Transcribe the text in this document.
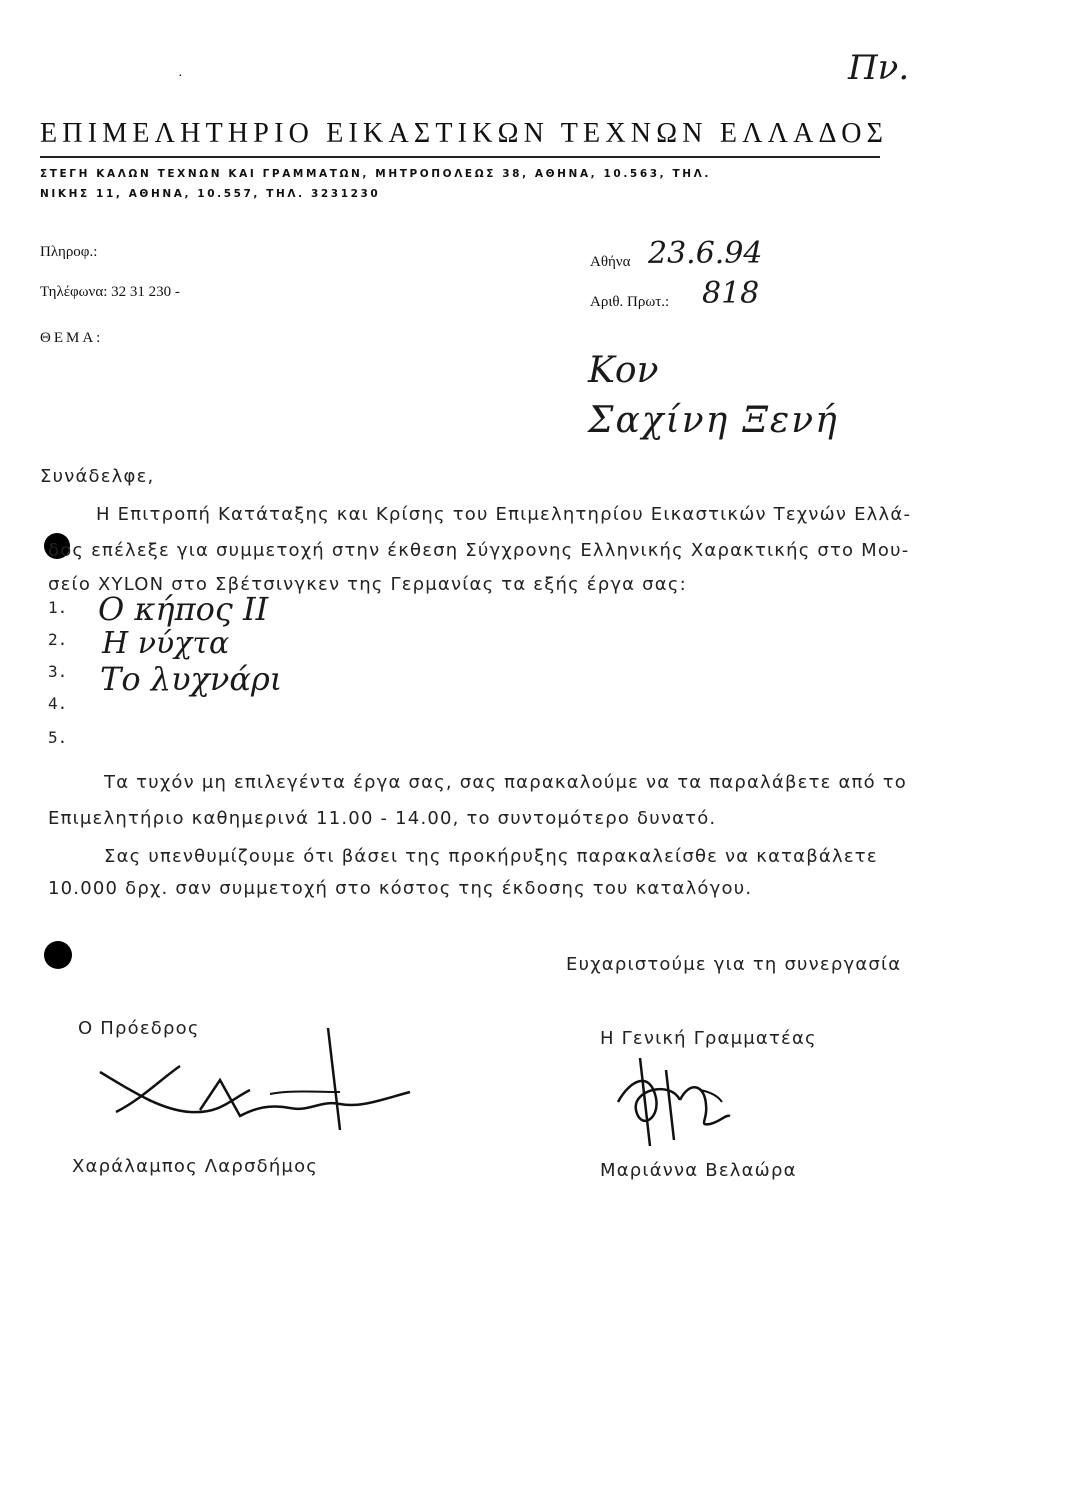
Πν.
·
ΕΠΙΜΕΛΗΤΗΡΙΟ ΕΙΚΑΣΤΙΚΩΝ ΤΕΧΝΩΝ ΕΛΛΑΔΟΣ
ΣΤΕΓΗ ΚΑΛΩΝ ΤΕΧΝΩΝ ΚΑΙ ΓΡΑΜΜΑΤΩΝ, ΜΗΤΡΟΠΟΛΕΩΣ 38, ΑΘΗΝΑ, 10.563, ΤΗΛ.
ΝΙΚΗΣ 11, ΑΘΗΝΑ, 10.557, ΤΗΛ. 3231230
Πληροφ.:
Τηλέφωνα: 32 31 230 -
ΘΕΜΑ:
Αθήνα 23.6.94
Αριθ. Πρωτ.: 818
Κον
Σαχίνη Ξενή
Συνάδελφε,
Η Επιτροπή Κατάταξης και Κρίσης του Επιμελητηρίου Εικαστικών Τεχνών Ελλά-
δος επέλεξε για συμμετοχή στην έκθεση Σύγχρονης Ελληνικής Χαρακτικής στο Μου-
σείο XYLON στο Σβέτσινγκεν της Γερμανίας τα εξής έργα σας:
1. Ο κήπος ΙΙ
2. Η νύχτα
3. Το λυχνάρι
4.
5.
Τα τυχόν μη επιλεγέντα έργα σας, σας παρακαλούμε να τα παραλάβετε από το
Επιμελητήριο καθημερινά 11.00 - 14.00, το συντομότερο δυνατό.
Σας υπενθυμίζουμε ότι βάσει της προκήρυξης παρακαλείσθε να καταβάλετε
10.000 δρχ. σαν συμμετοχή στο κόστος της έκδοσης του καταλόγου.
Ευχαριστούμε για τη συνεργασία
Ο Πρόεδρος
Χαράλαμπος Λαρσδήμος
Η Γενική Γραμματέας
Μαριάννα Βελαώρα
